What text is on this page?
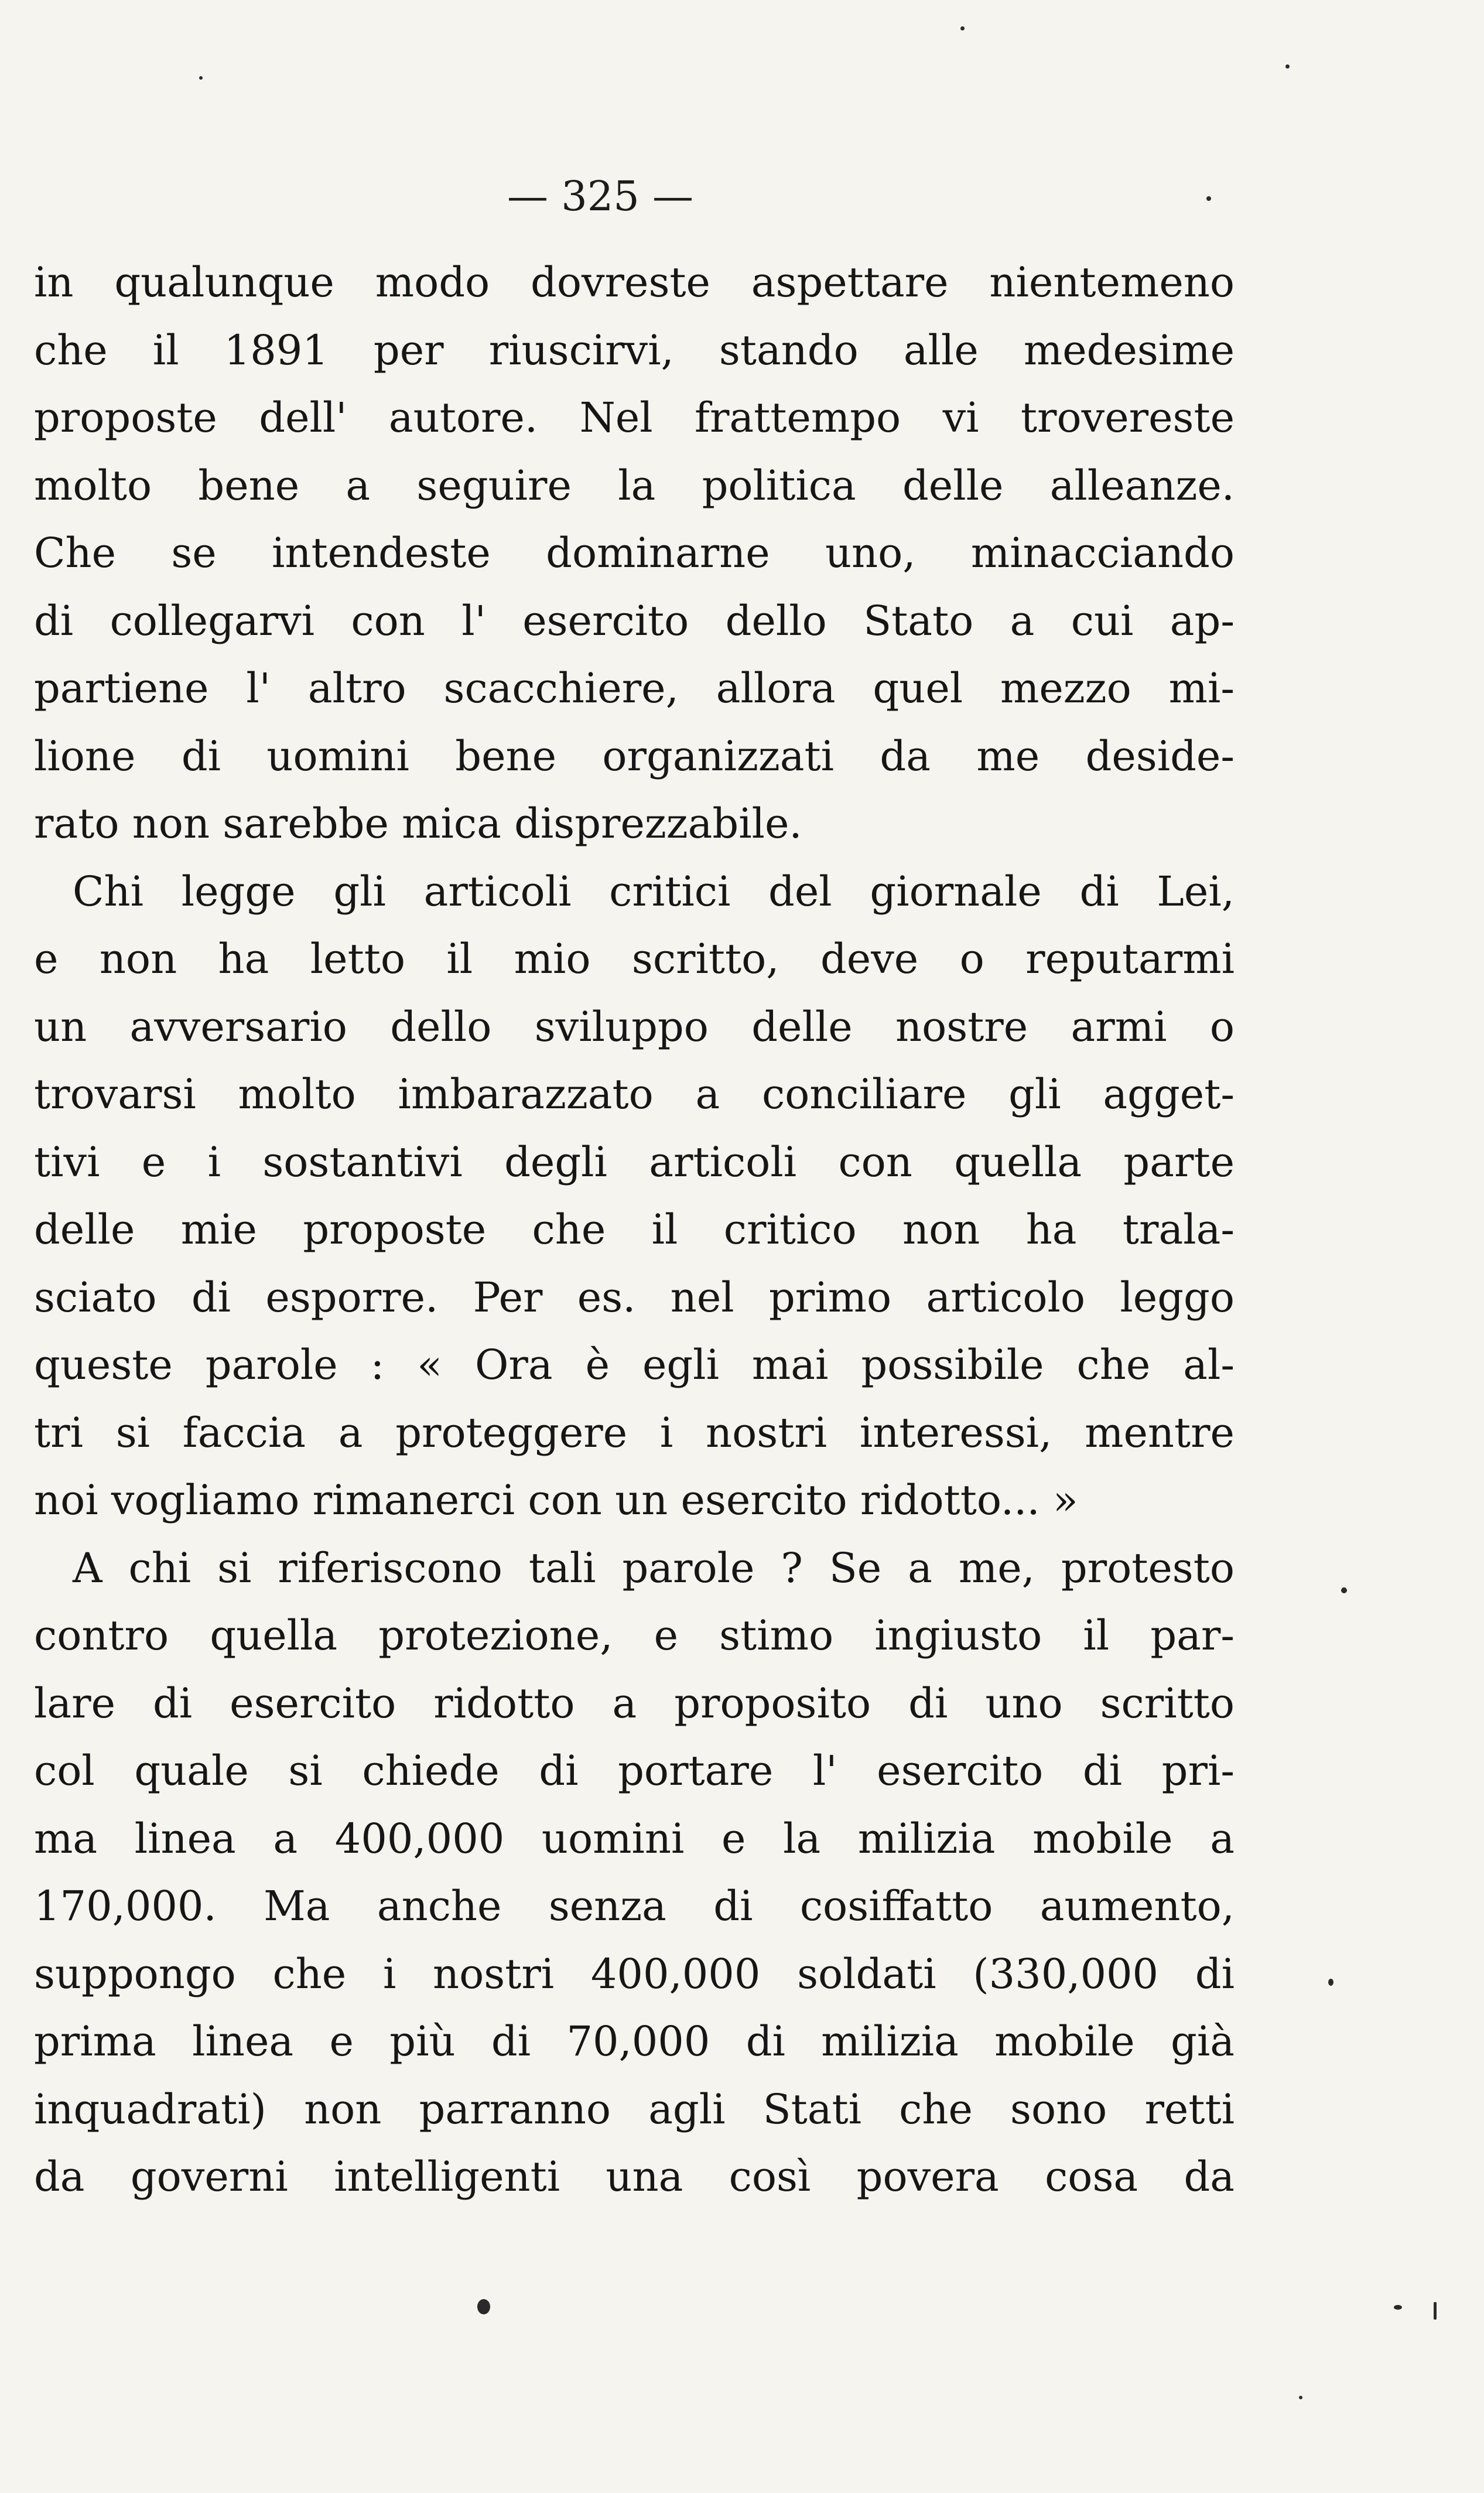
— 325 —
in qualunque modo dovreste aspettare nientemeno
che il 1891 per riuscirvi, stando alle medesime
proposte dell' autore. Nel frattempo vi trovereste
molto bene a seguire la politica delle alleanze.
Che se intendeste dominarne uno, minacciando
di collegarvi con l' esercito dello Stato a cui ap-
partiene l' altro scacchiere, allora quel mezzo mi-
lione di uomini bene organizzati da me deside-
rato non sarebbe mica disprezzabile.
Chi legge gli articoli critici del giornale di Lei,
e non ha letto il mio scritto, deve o reputarmi
un avversario dello sviluppo delle nostre armi o
trovarsi molto imbarazzato a conciliare gli agget-
tivi e i sostantivi degli articoli con quella parte
delle mie proposte che il critico non ha trala-
sciato di esporre. Per es. nel primo articolo leggo
queste parole : « Ora è egli mai possibile che al-
tri si faccia a proteggere i nostri interessi, mentre
noi vogliamo rimanerci con un esercito ridotto... »
A chi si riferiscono tali parole ? Se a me, protesto
contro quella protezione, e stimo ingiusto il par-
lare di esercito ridotto a proposito di uno scritto
col quale si chiede di portare l' esercito di pri-
ma linea a 400,000 uomini e la milizia mobile a
170,000. Ma anche senza di cosiffatto aumento,
suppongo che i nostri 400,000 soldati (330,000 di
prima linea e più di 70,000 di milizia mobile già
inquadrati) non parranno agli Stati che sono retti
da governi intelligenti una così povera cosa da
